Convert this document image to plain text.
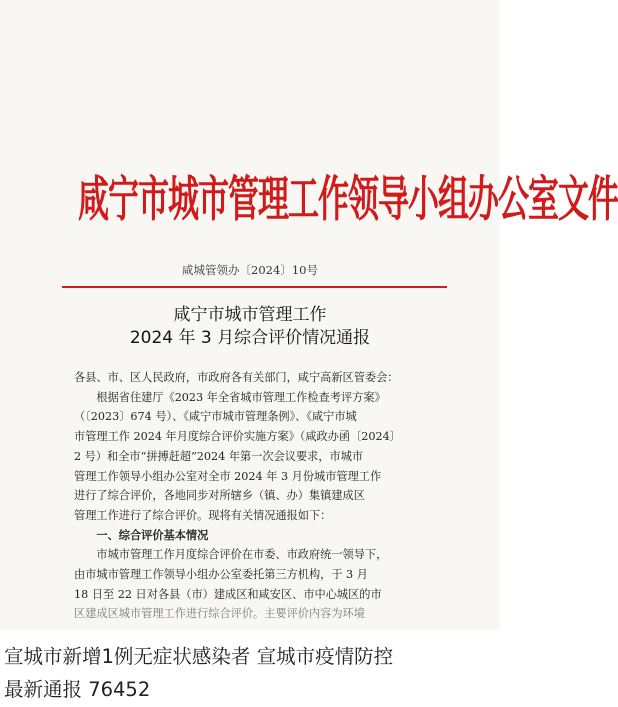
咸宁市城市管理工作领导小组办公室文件
咸城管领办〔2024〕10号
咸宁市城市管理工作
2024 年 3 月综合评价情况通报

各县、市、区人民政府，市政府各有关部门，咸宁高新区管委会：

　　根据省住建厅《2023 年全省城市管理工作检查考评方案》

（〔2023〕674 号）、《咸宁市城市管理条例》、《咸宁市城

市管理工作 2024 年月度综合评价实施方案》（咸政办函〔2024〕

2 号）和全市“拼搏赶超”2024 年第一次会议要求，市城市

管理工作领导小组办公室对全市 2024 年 3 月份城市管理工作

进行了综合评价，各地同步对所辖乡（镇、办）集镇建成区

管理工作进行了综合评价。现将有关情况通报如下：

　　一、综合评价基本情况

　　市城市管理工作月度综合评价在市委、市政府统一领导下，

由市城市管理工作领导小组办公室委托第三方机构，于 3 月

18 日至 22 日对各县（市）建成区和咸安区、市中心城区的市

区建成区城市管理工作进行综合评价。主要评价内容为环境

宣城市新增1例无症状感染者 宣城市疫情防控
最新通报 76452
